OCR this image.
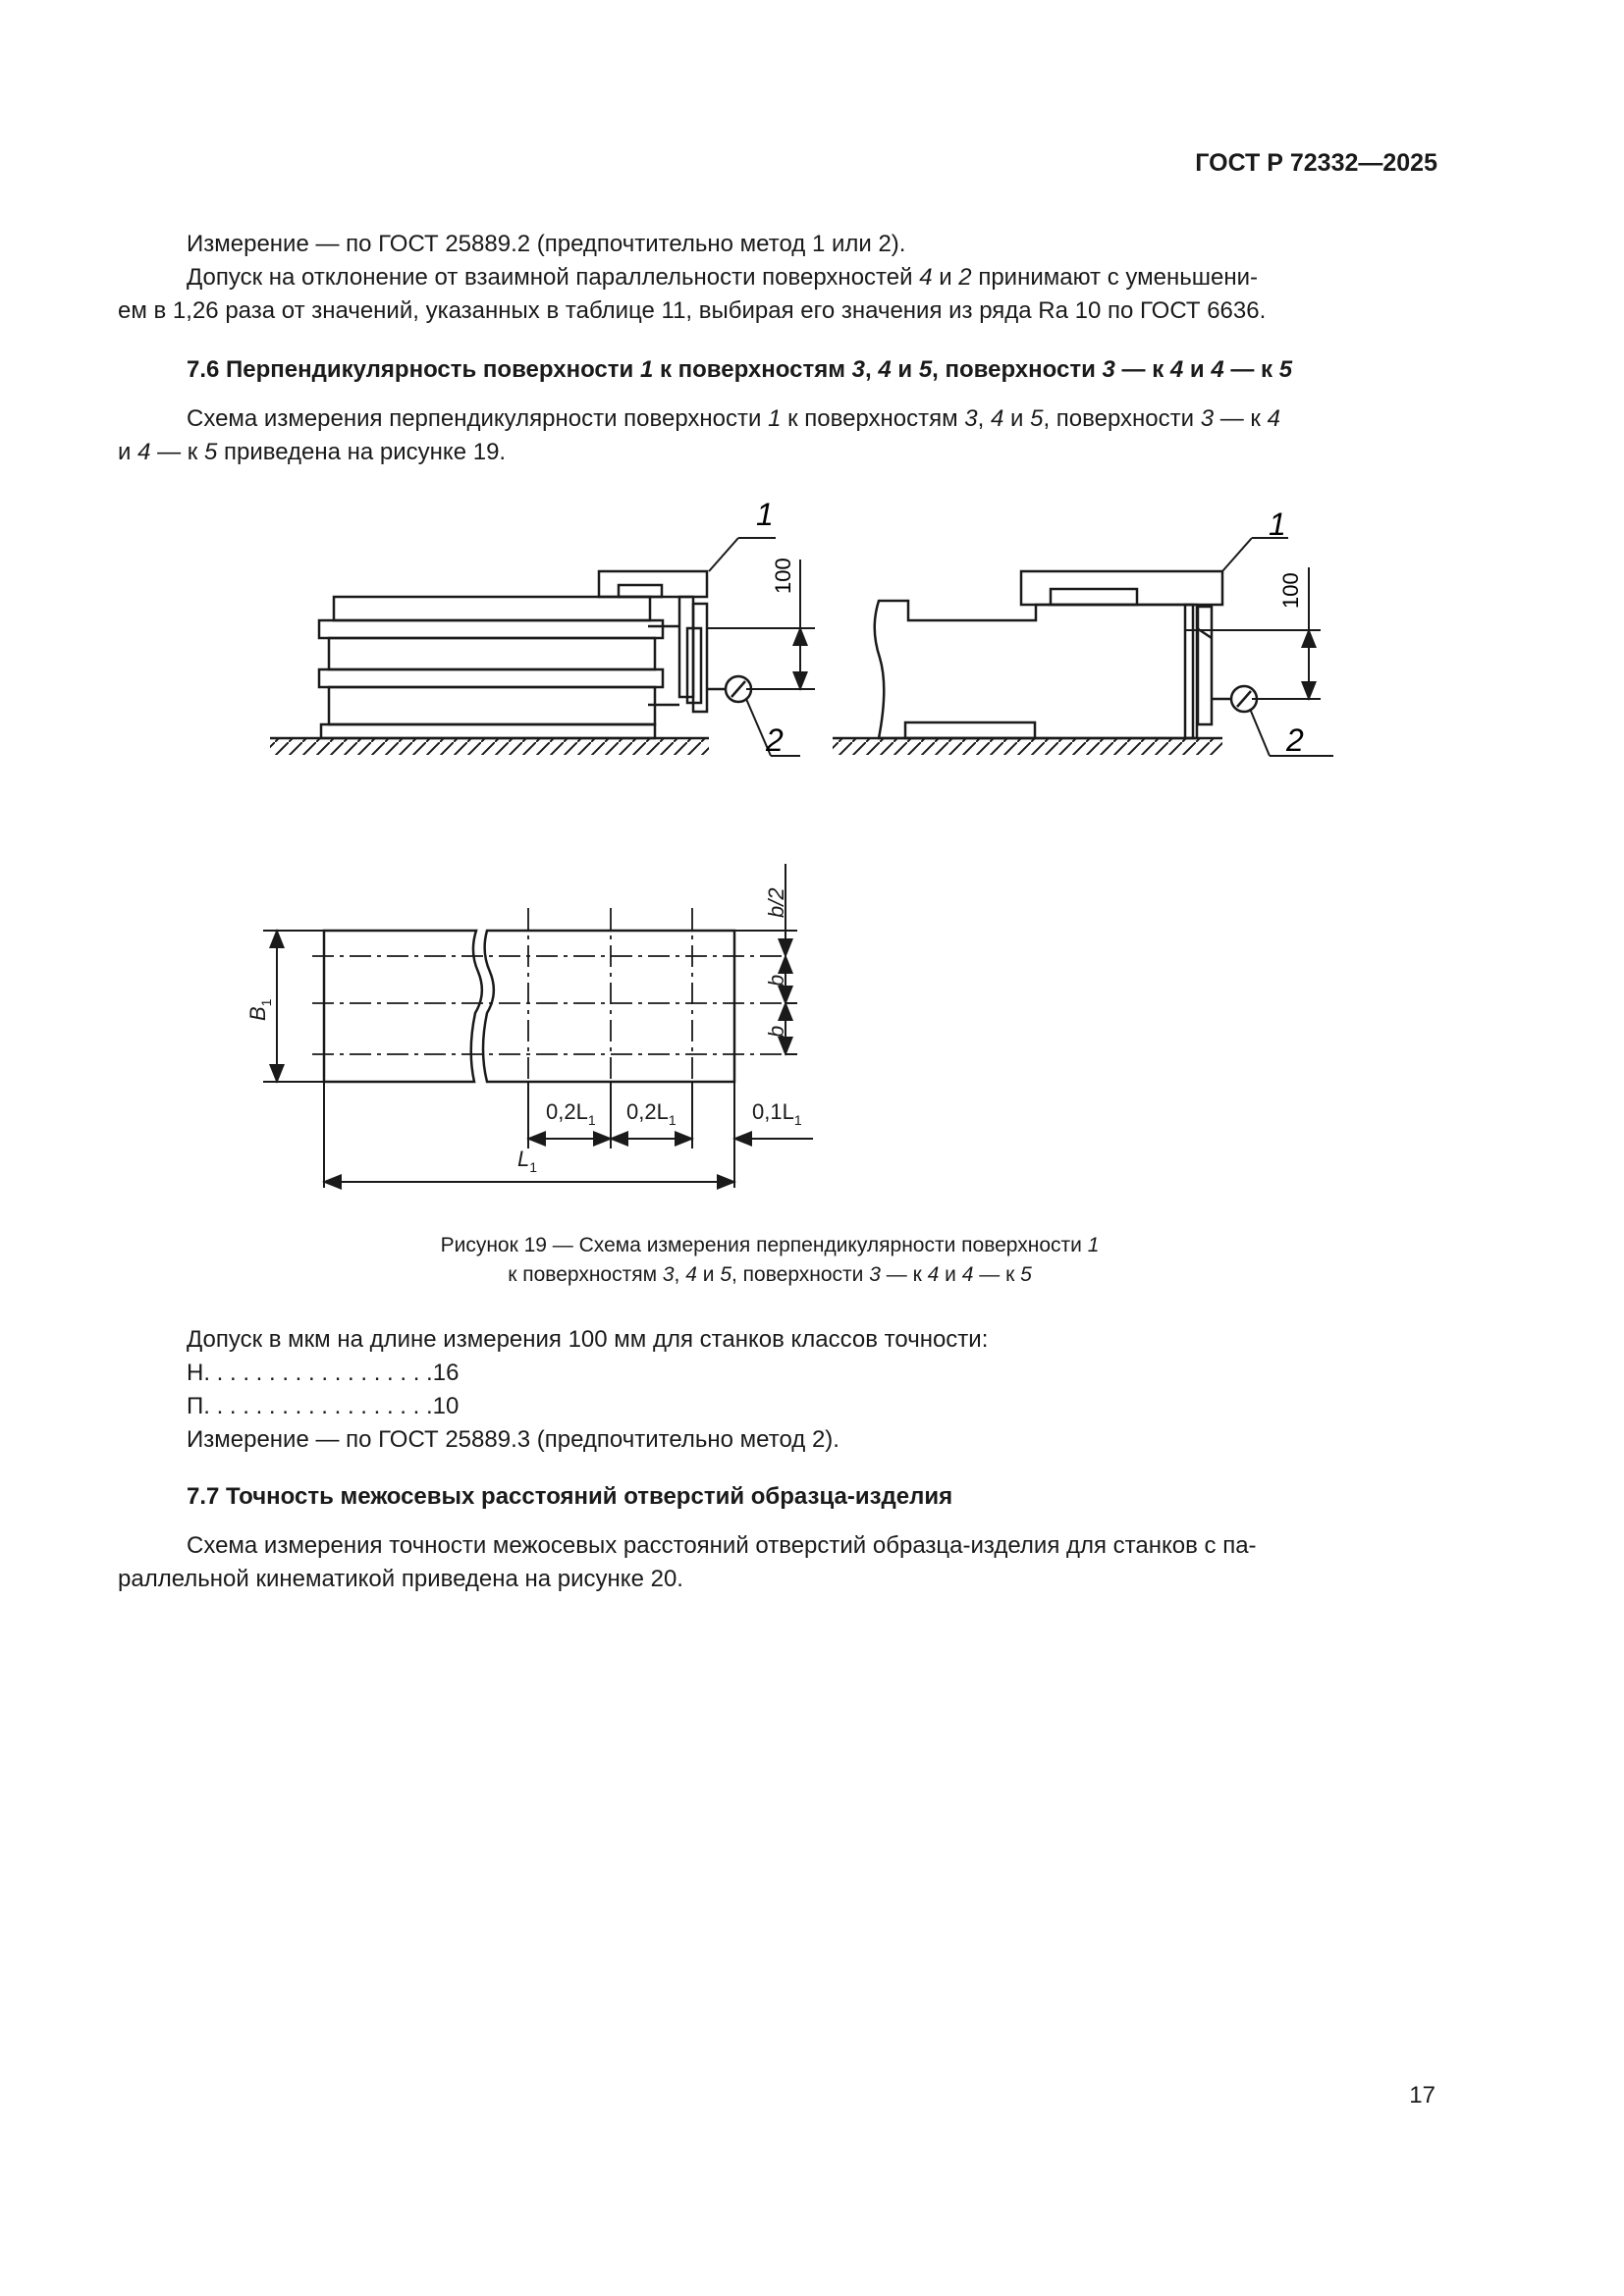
ГОСТ Р 72332—2025
Измерение — по ГОСТ 25889.2 (предпочтительно метод 1 или 2).
Допуск на отклонение от взаимной параллельности поверхностей 4 и 2 принимают с уменьшени-
ем в 1,26 раза от значений, указанных в таблице 11, выбирая его значения из ряда Ra 10 по ГОСТ 6636.
7.6 Перпендикулярность поверхности 1 к поверхностям 3, 4 и 5, поверхности 3 — к 4 и 4 — к 5
Схема измерения перпендикулярности поверхности 1 к поверхностям 3, 4 и 5, поверхности 3 — к 4
и 4 — к 5 приведена на рисунке 19.
1
2
100
1
2
100
b/2
b
b
$B_1$
$0,2L_1$ $0,2L_1$	$0,1L_1$
$L_1$
Рисунок 19 — Схема измерения перпендикулярности поверхности 1
к поверхностям 3, 4 и 5, поверхности 3 — к 4 и 4 — к 5
Допуск в мкм на длине измерения 100 мм для станков классов точности:
Н. . . . . . . . . . . . . . . . . .16
П. . . . . . . . . . . . . . . . . .10
Измерение — по ГОСТ 25889.3 (предпочтительно метод 2).
7.7 Точность межосевых расстояний отверстий образца-изделия
Схема измерения точности межосевых расстояний отверстий образца-изделия для станков с па-
раллельной кинематикой приведена на рисунке 20.
17
